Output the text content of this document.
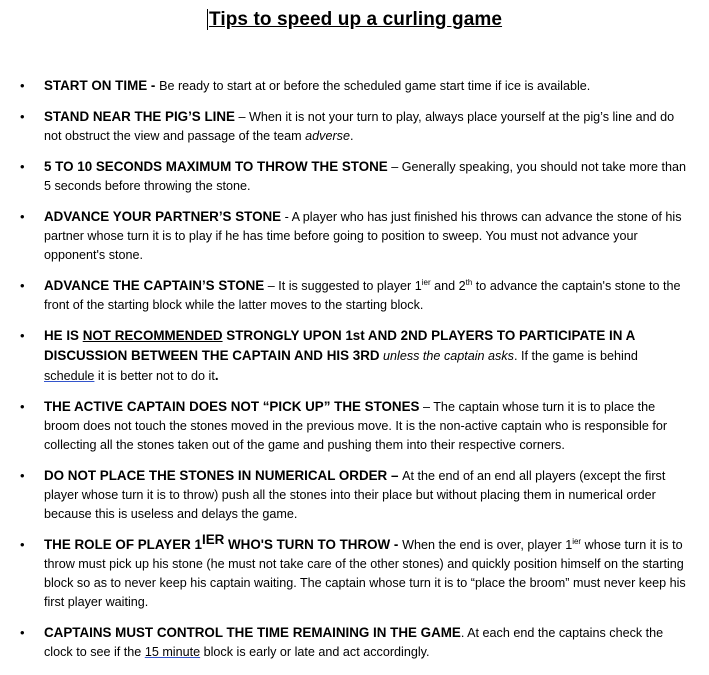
Tips to speed up a curling game
• START ON TIME - Be ready to start at or before the scheduled game start time if ice is available.
• STAND NEAR THE PIG’S LINE – When it is not your turn to play, always place yourself at the pig’s line and do not obstruct the view and passage of the team adverse.
• 5 TO 10 SECONDS MAXIMUM TO THROW THE STONE – Generally speaking, you should not take more than 5 seconds before throwing the stone.
• ADVANCE YOUR PARTNER’S STONE - A player who has just finished his throws can advance the stone of his partner whose turn it is to play if he has time before going to position to sweep. You must not advance your opponent's stone.
• ADVANCE THE CAPTAIN’S STONE – It is suggested to player $1^{ier}$ and 2th to advance the captain's stone to the front of the starting block while the latter moves to the starting block.
• HE IS NOT RECOMMENDED STRONGLY UPON 1st AND 2ND PLAYERS TO PARTICIPATE IN A DISCUSSION BETWEEN THE CAPTAIN AND HIS 3RD unless the captain asks. If the game is behind schedule it is better not to do it.
• THE ACTIVE CAPTAIN DOES NOT “PICK UP” THE STONES – The captain whose turn it is to place the broom does not touch the stones moved in the previous move. It is the non-active captain who is responsible for collecting all the stones taken out of the game and pushing them into their respective corners.
• DO NOT PLACE THE STONES IN NUMERICAL ORDER – At the end of an end all players (except the first player whose turn it is to throw) push all the stones into their place but without placing them in numerical order because this is useless and delays the game.
• THE ROLE OF PLAYER $1^{IER}$ WHO'S TURN TO THROW - When the end is over, player $1^{ier}$ whose turn it is to throw must pick up his stone (he must not take care of the other stones) and quickly position himself on the starting block so as to never keep his captain waiting. The captain whose turn it is to “place the broom” must never keep his first player waiting.
• CAPTAINS MUST CONTROL THE TIME REMAINING IN THE GAME. At each end the captains check the clock to see if the 15 minute block is early or late and act accordingly.
